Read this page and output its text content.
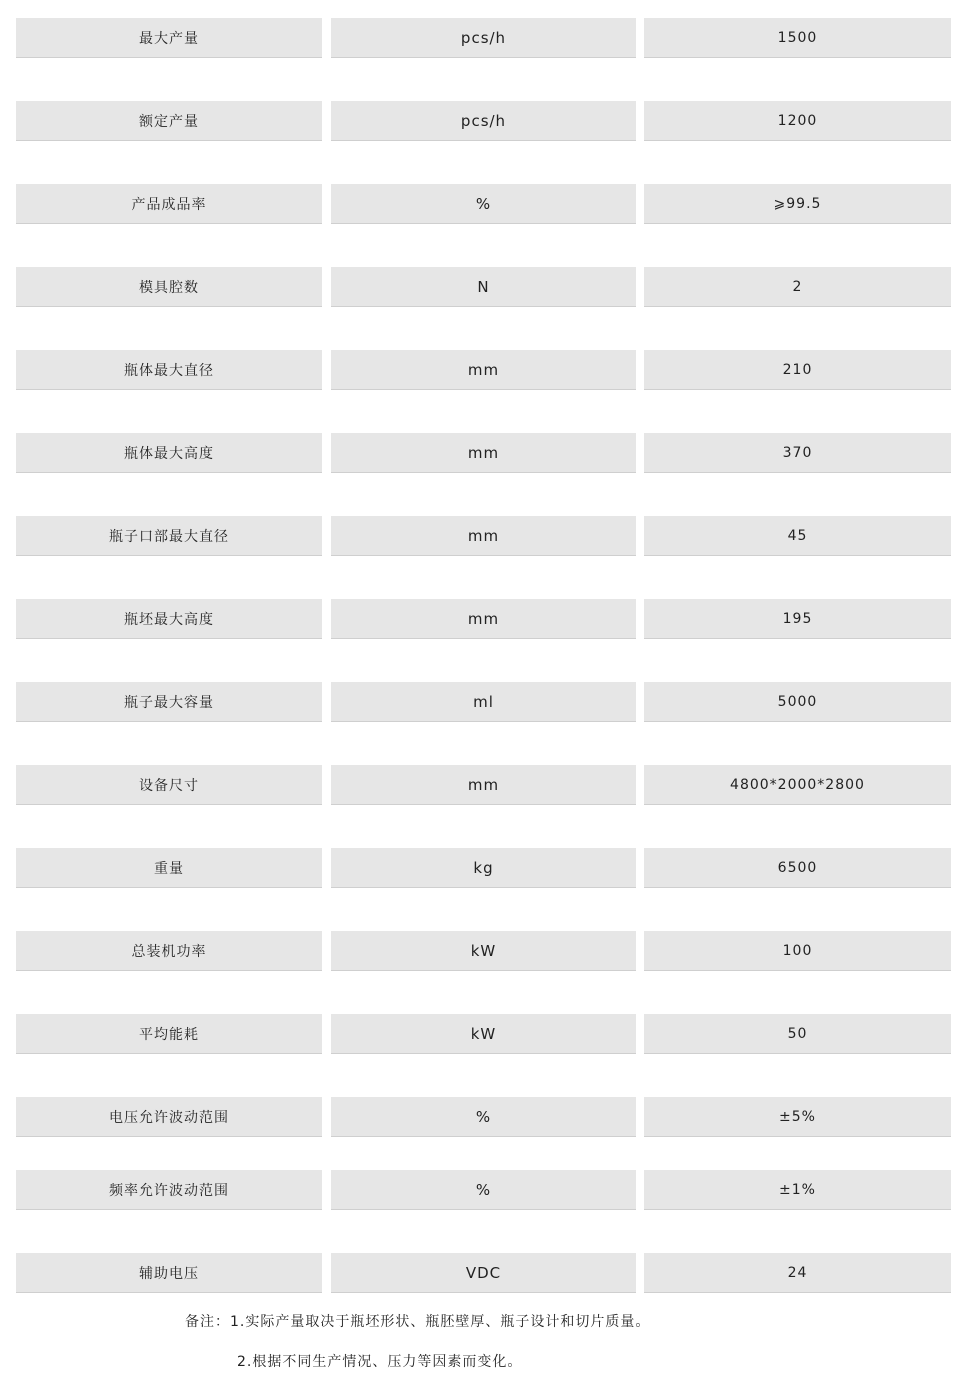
最大产量	pcs/h	1500
额定产量	pcs/h	1200
产品成品率	%	⩾99.5
模具腔数	N	2
瓶体最大直径	mm	210
瓶体最大高度	mm	370
瓶子口部最大直径	mm	45
瓶坯最大高度	mm	195
瓶子最大容量	ml	5000
设备尺寸	mm	4800*2000*2800
重量	kg	6500
总装机功率	kW	100
平均能耗	kW	50
电压允许波动范围	%	±5%
频率允许波动范围	%	±1%
辅助电压	VDC	24
备注：1.实际产量取决于瓶坯形状、瓶胚壁厚、瓶子设计和切片质量。
2.根据不同生产情况、压力等因素而变化。
